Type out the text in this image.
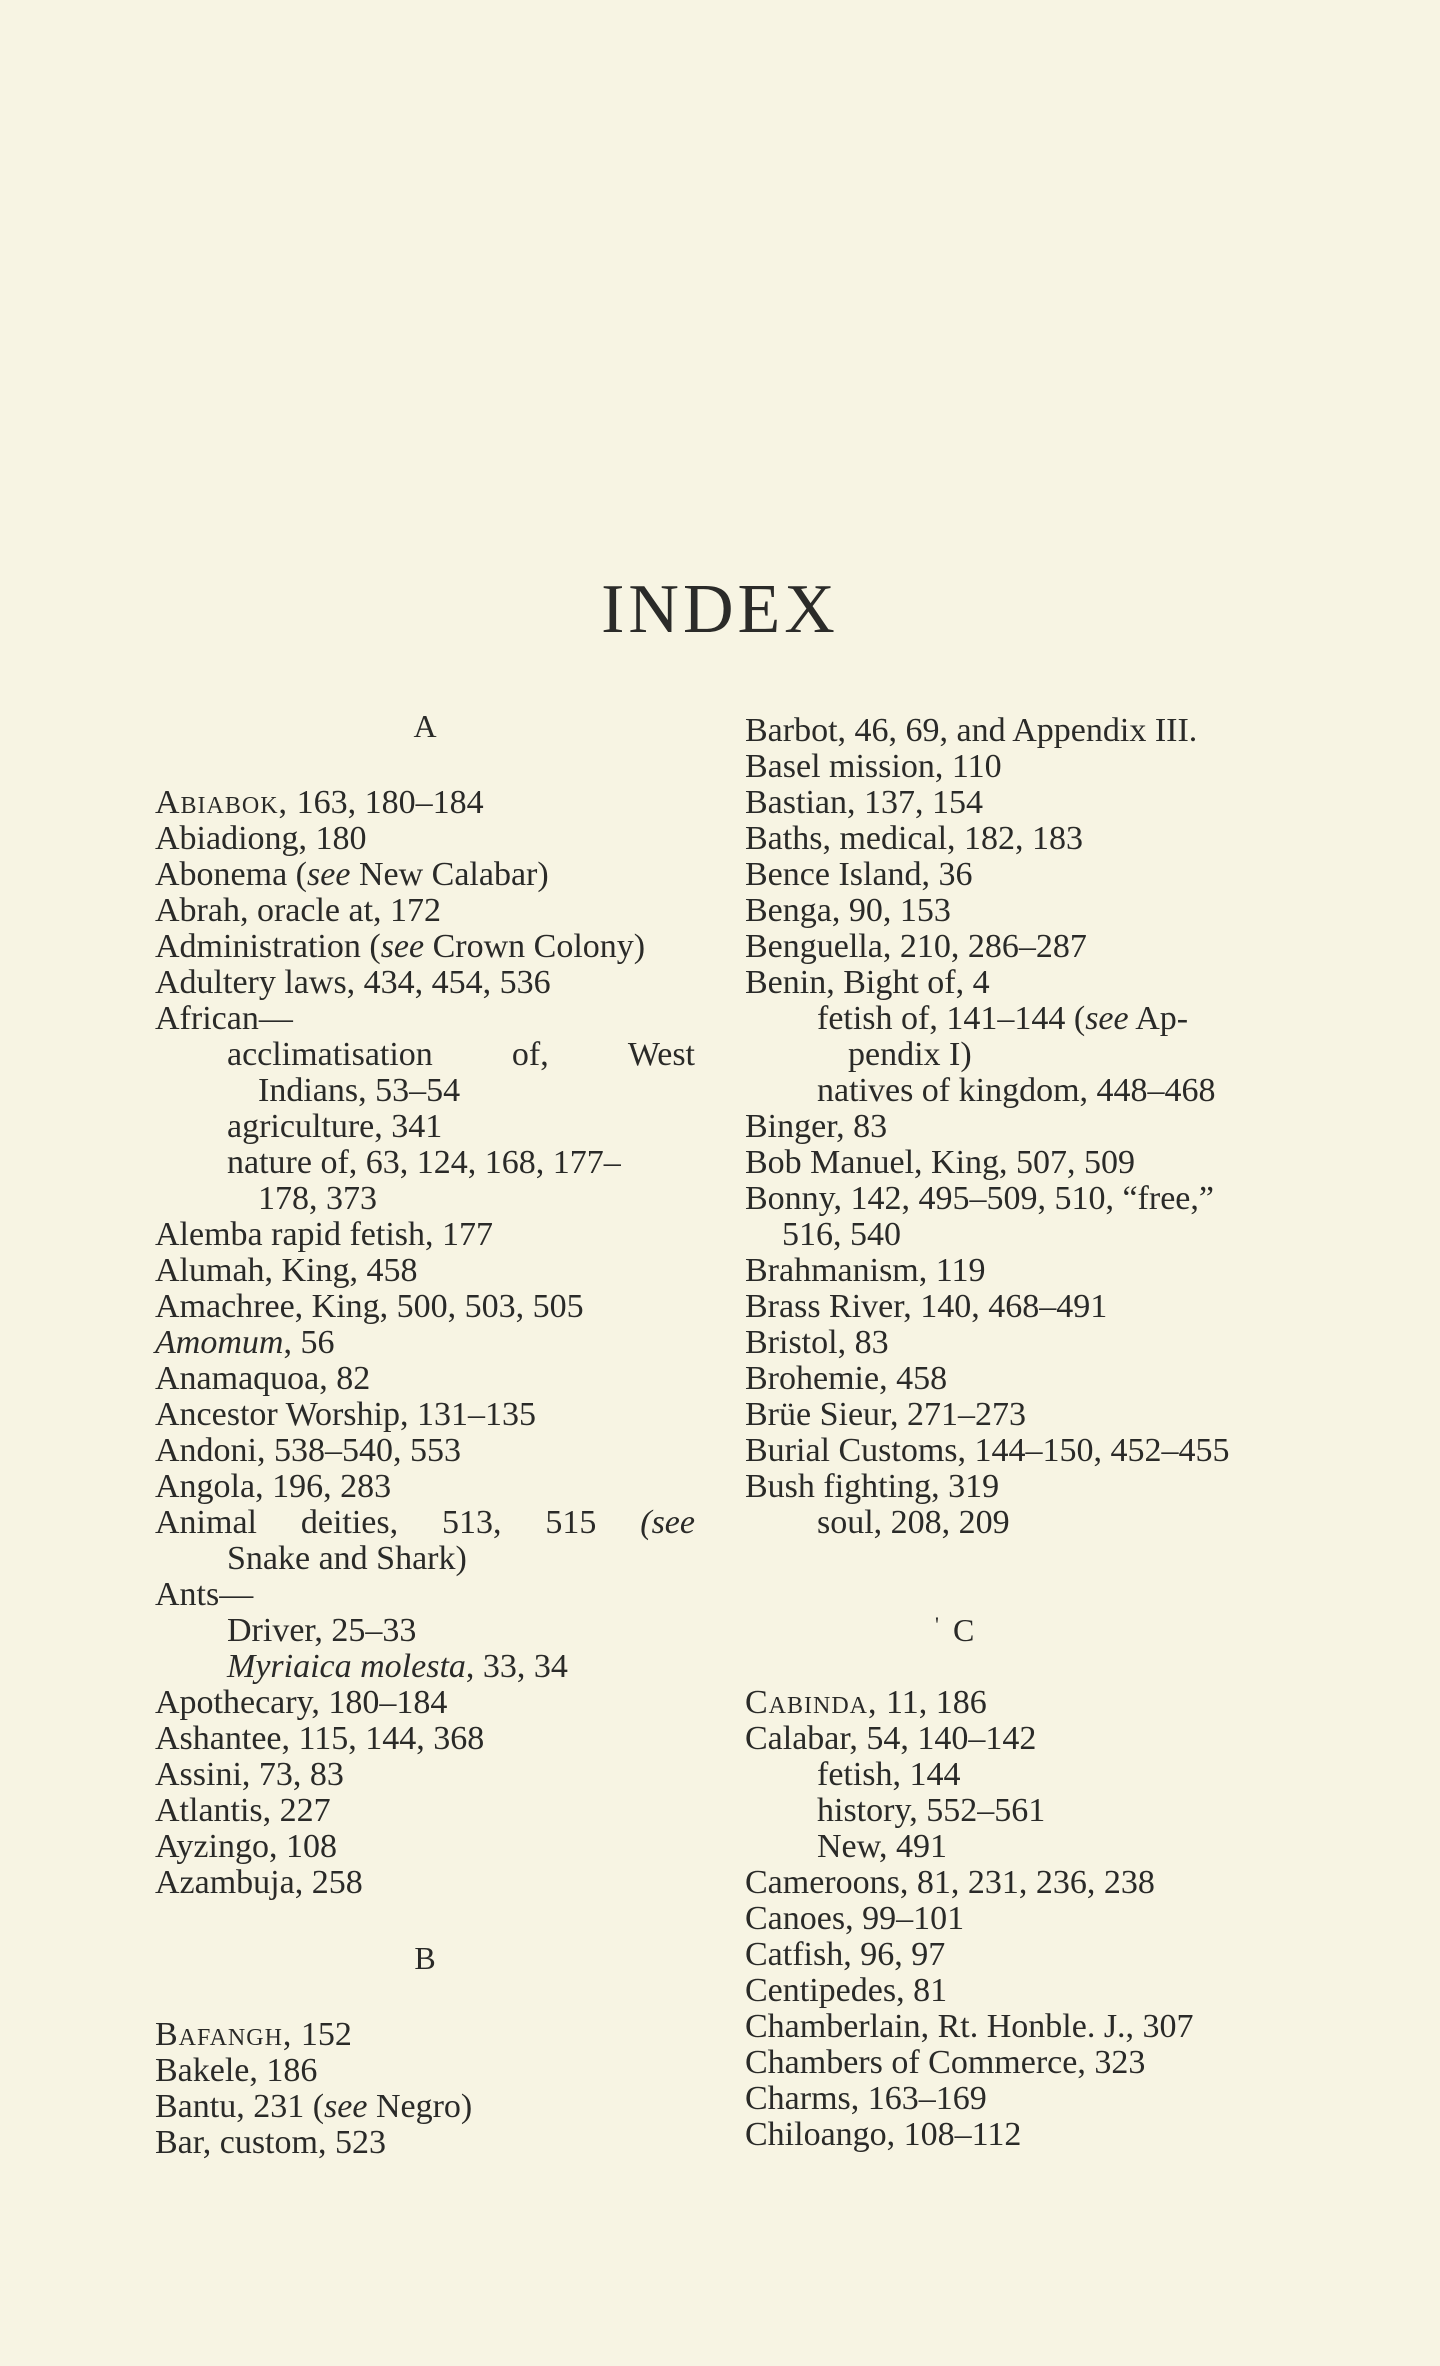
INDEX
A
Abiabok, 163, 180–184
Abiadiong, 180
Abonema (see New Calabar)
Abrah, oracle at, 172
Administration (see Crown Colony)
Adultery laws, 434, 454, 536
African—
acclimatisation of, West
Indians, 53–54
agriculture, 341
nature of, 63, 124, 168, 177–
178, 373
Alemba rapid fetish, 177
Alumah, King, 458
Amachree, King, 500, 503, 505
Amomum, 56
Anamaquoa, 82
Ancestor Worship, 131–135
Andoni, 538–540, 553
Angola, 196, 283
Animal deities, 513, 515 (see
Snake and Shark)
Ants—
Driver, 25–33
Myriaica molesta, 33, 34
Apothecary, 180–184
Ashantee, 115, 144, 368
Assini, 73, 83
Atlantis, 227
Ayzingo, 108
Azambuja, 258
B
Bafangh, 152
Bakele, 186
Bantu, 231 (see Negro)
Bar, custom, 523
Barbot, 46, 69, and Appendix III.
Basel mission, 110
Bastian, 137, 154
Baths, medical, 182, 183
Bence Island, 36
Benga, 90, 153
Benguella, 210, 286–287
Benin, Bight of, 4
fetish of, 141–144 (see Ap-
pendix I)
natives of kingdom, 448–468
Binger, 83
Bob Manuel, King, 507, 509
Bonny, 142, 495–509, 510, “free,”
516, 540
Brahmanism, 119
Brass River, 140, 468–491
Bristol, 83
Brohemie, 458
Brüe Sieur, 271–273
Burial Customs, 144–150, 452–455
Bush fighting, 319
soul, 208, 209
' C
Cabinda, 11, 186
Calabar, 54, 140–142
fetish, 144
history, 552–561
New, 491
Cameroons, 81, 231, 236, 238
Canoes, 99–101
Catfish, 96, 97
Centipedes, 81
Chamberlain, Rt. Honble. J., 307
Chambers of Commerce, 323
Charms, 163–169
Chiloango, 108–112
